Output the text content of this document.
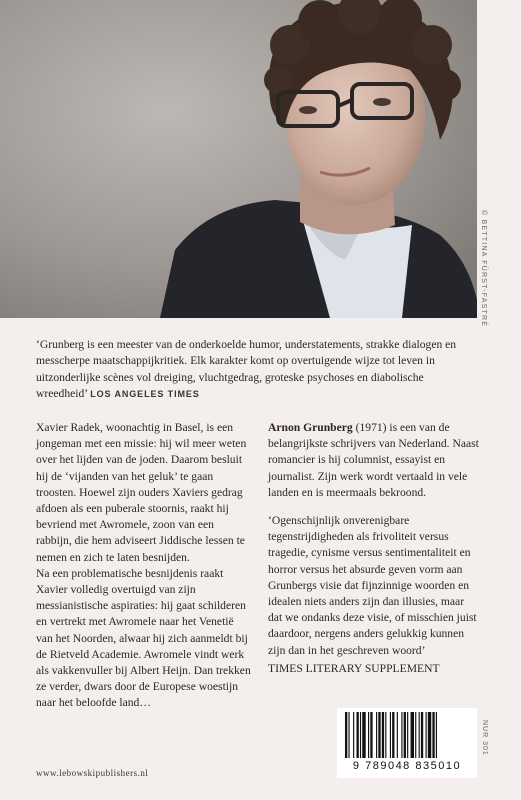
‘Grunberg is een meester van de onderkoelde humor, understatements, strakke dialogen en messcherpe maatschappijkritiek. Elk karakter komt op overtuigende wijze tot leven in uitzonderlijke scènes vol dreiging, vluchtgedrag, groteske psychoses en diabolische wreedheid’ LOS ANGELES TIMES

Xavier Radek, woonachtig in Basel, is een jongeman met een missie: hij wil meer weten over het lijden van de joden. Daarom besluit hij de ‘vijanden van het geluk’ te gaan troosten. Hoewel zijn ouders Xaviers gedrag afdoen als een puberale stoornis, raakt hij bevriend met Awromele, zoon van een rabbijn, die hem adviseert Jiddische lessen te nemen en zich te laten besnijden.

Na een problematische besnijdenis raakt Xavier volledig overtuigd van zijn messianistische aspiraties: hij gaat schilderen en vertrekt met Awromele naar het Venetië van het Noorden, alwaar hij zich aanmeldt bij de Rietveld Academie. Awromele vindt werk als vakkenvuller bij Albert Heijn. Dan trekken ze verder, dwars door de Europese woestijn naar het beloofde land…

Arnon Grunberg (1971) is een van de belangrijkste schrijvers van Nederland. Naast romancier is hij columnist, essayist en journalist. Zijn werk wordt vertaald in vele landen en is meermaals bekroond.

‘Ogenschijnlijk onverenigbare tegenstrijdigheden als frivoliteit versus tragedie, cynisme versus sentimentaliteit en horror versus het absurde geven vorm aan Grunbergs visie dat fijnzinnige woorden en idealen niets anders zijn dan illusies, maar dat we ondanks deze visie, of misschien juist daardoor, nergens anders gelukkig kunnen zijn dan in het geschreven woord’
TIMES LITERARY SUPPLEMENT

www.lebowskipublishers.nl
9 789048 835010
NUR 301
